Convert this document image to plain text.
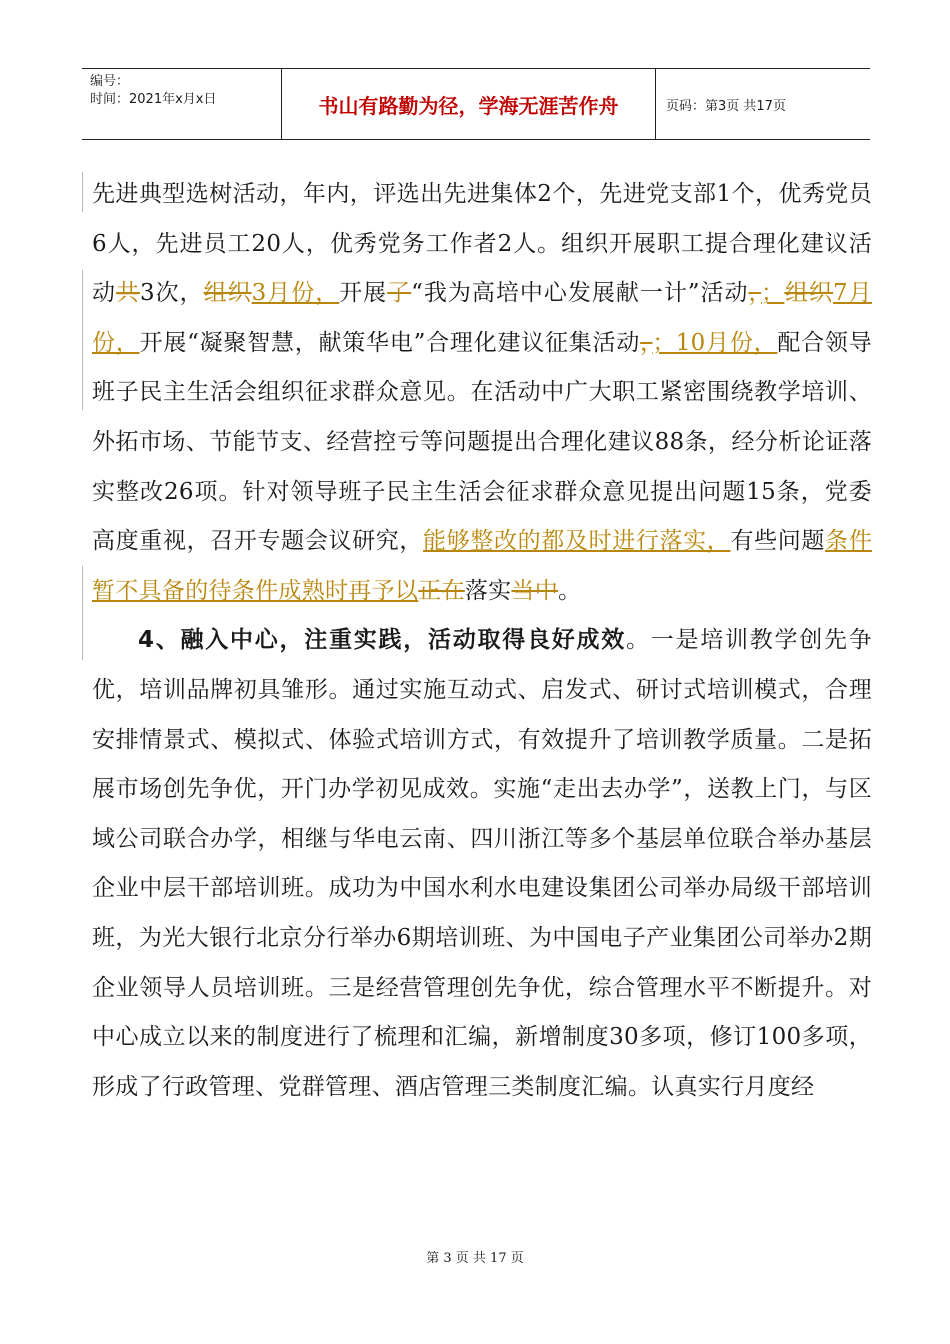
编号：
时间：2021年x月x日	书山有路勤为径，学海无涯苦作舟	页码：第3页 共17页

先进典型选树活动，年内，评选出先进集体2个，先进党支部1个，优秀党员6人，先进员工20人，优秀党务工作者2人。组织开展职工提合理化建议活动共3次，组织3月份，开展了“我为高培中心发展献一计”活动，；组织7月份，开展“凝聚智慧，献策华电”合理化建议征集活动，；10月份，配合领导班子民主生活会组织征求群众意见。在活动中广大职工紧密围绕教学培训、外拓市场、节能节支、经营控亏等问题提出合理化建议88条，经分析论证落实整改26项。针对领导班子民主生活会征求群众意见提出问题15条，党委高度重视，召开专题会议研究，能够整改的都及时进行落实，有些问题条件暂不具备的待条件成熟时再予以正在落实当中。

4、融入中心，注重实践，活动取得良好成效。一是培训教学创先争优，培训品牌初具雏形。通过实施互动式、启发式、研讨式培训模式，合理安排情景式、模拟式、体验式培训方式，有效提升了培训教学质量。二是拓展市场创先争优，开门办学初见成效。实施“走出去办学”，送教上门，与区域公司联合办学，相继与华电云南、四川浙江等多个基层单位联合举办基层企业中层干部培训班。成功为中国水利水电建设集团公司举办局级干部培训班，为光大银行北京分行举办6期培训班、为中国电子产业集团公司举办2期企业领导人员培训班。三是经营管理创先争优，综合管理水平不断提升。对中心成立以来的制度进行了梳理和汇编，新增制度30多项，修订100多项，形成了行政管理、党群管理、酒店管理三类制度汇编。认真实行月度经

第 3 页 共 17 页
